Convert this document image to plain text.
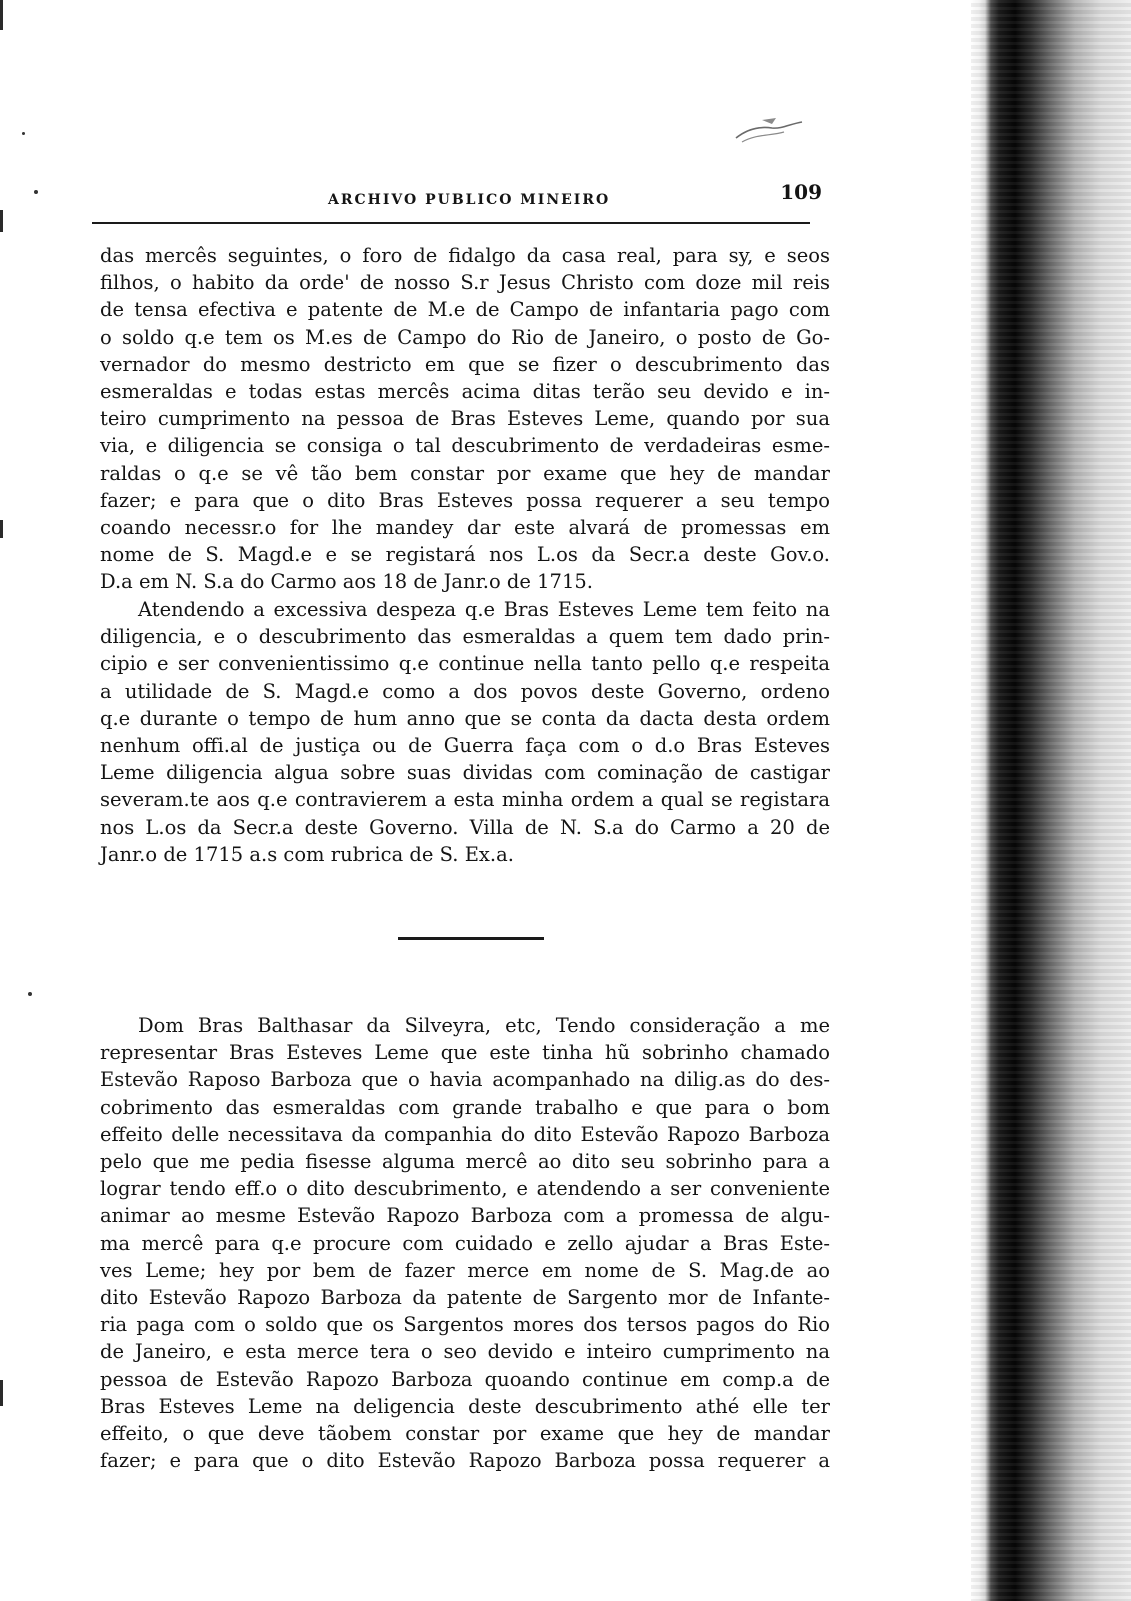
ARCHIVO PUBLICO MINEIRO	109
das mercês seguintes, o foro de fidalgo da casa real, para sy, e seos
filhos, o habito da orde' de nosso S.r Jesus Christo com doze mil reis
de tensa efectiva e patente de M.e de Campo de infantaria pago com
o soldo q.e tem os M.es de Campo do Rio de Janeiro, o posto de Go-
vernador do mesmo destricto em que se fizer o descubrimento das
esmeraldas e todas estas mercês acima ditas terão seu devido e in-
teiro cumprimento na pessoa de Bras Esteves Leme, quando por sua
via, e diligencia se consiga o tal descubrimento de verdadeiras esme-
raldas o q.e se vê tão bem constar por exame que hey de mandar
fazer; e para que o dito Bras Esteves possa requerer a seu tempo
coando necessr.o for lhe mandey dar este alvará de promessas em
nome de S. Magd.e e se registará nos L.os da Secr.a deste Gov.o.
D.a em N. S.a do Carmo aos 18 de Janr.o de 1715.
Atendendo a excessiva despeza q.e Bras Esteves Leme tem feito na
diligencia, e o descubrimento das esmeraldas a quem tem dado prin-
cipio e ser convenientissimo q.e continue nella tanto pello q.e respeita
a utilidade de S. Magd.e como a dos povos deste Governo, ordeno
q.e durante o tempo de hum anno que se conta da dacta desta ordem
nenhum offi.al de justiça ou de Guerra faça com o d.o Bras Esteves
Leme diligencia algua sobre suas dividas com cominação de castigar
severam.te aos q.e contravierem a esta minha ordem a qual se registara
nos L.os da Secr.a deste Governo. Villa de N. S.a do Carmo a 20 de
Janr.o de 1715 a.s com rubrica de S. Ex.a.
Dom Bras Balthasar da Silveyra, etc, Tendo consideração a me
representar Bras Esteves Leme que este tinha hũ sobrinho chamado
Estevão Raposo Barboza que o havia acompanhado na dilig.as do des-
cobrimento das esmeraldas com grande trabalho e que para o bom
effeito delle necessitava da companhia do dito Estevão Rapozo Barboza
pelo que me pedia fisesse alguma mercê ao dito seu sobrinho para a
lograr tendo eff.o o dito descubrimento, e atendendo a ser conveniente
animar ao mesme Estevão Rapozo Barboza com a promessa de algu-
ma mercê para q.e procure com cuidado e zello ajudar a Bras Este-
ves Leme; hey por bem de fazer merce em nome de S. Mag.de ao
dito Estevão Rapozo Barboza da patente de Sargento mor de Infante-
ria paga com o soldo que os Sargentos mores dos tersos pagos do Rio
de Janeiro, e esta merce tera o seo devido e inteiro cumprimento na
pessoa de Estevão Rapozo Barboza quoando continue em comp.a de
Bras Esteves Leme na deligencia deste descubrimento athé elle ter
effeito, o que deve tãobem constar por exame que hey de mandar
fazer; e para que o dito Estevão Rapozo Barboza possa requerer a
